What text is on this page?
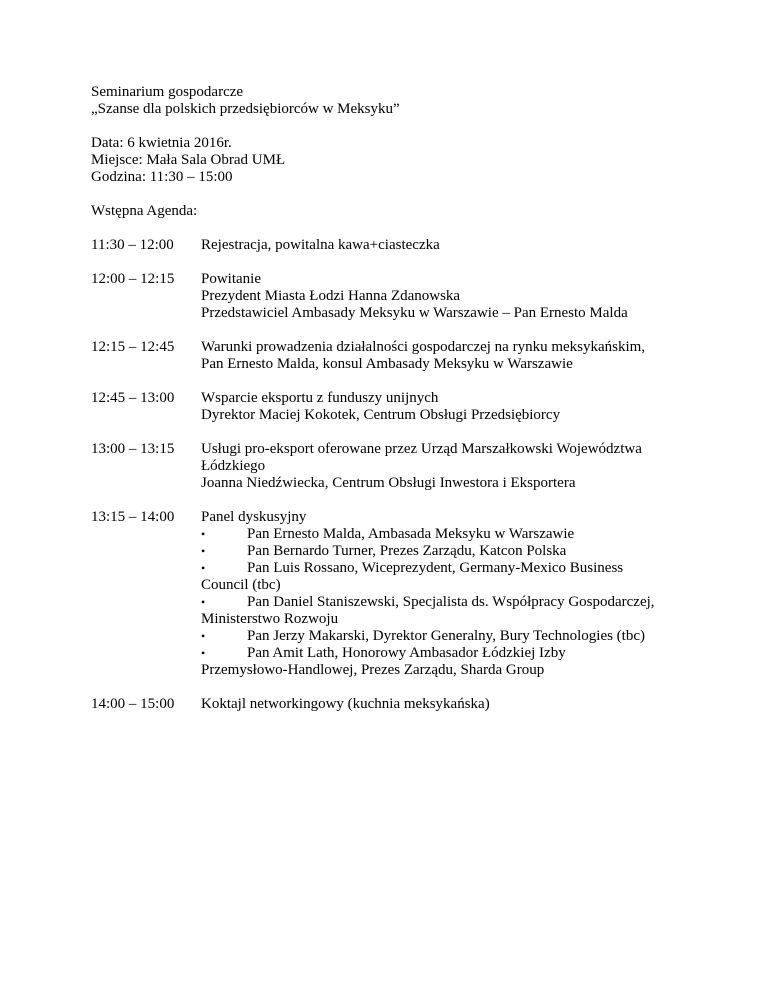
Seminarium gospodarcze
„Szanse dla polskich przedsiębiorców w Meksyku”
Data: 6 kwietnia 2016r.
Miejsce: Mała Sala Obrad UMŁ
Godzina: 11:30 – 15:00
Wstępna Agenda:
11:30 – 12:00 Rejestracja, powitalna kawa+ciasteczka
12:00 – 12:15 Powitanie
Prezydent Miasta Łodzi Hanna Zdanowska
Przedstawiciel Ambasady Meksyku w Warszawie – Pan Ernesto Malda
12:15 – 12:45 Warunki prowadzenia działalności gospodarczej na rynku meksykańskim,
Pan Ernesto Malda, konsul Ambasady Meksyku w Warszawie
12:45 – 13:00 Wsparcie eksportu z funduszy unijnych
Dyrektor Maciej Kokotek, Centrum Obsługi Przedsiębiorcy
13:00 – 13:15 Usługi pro-eksport oferowane przez Urząd Marszałkowski Województwa
Łódzkiego
Joanna Niedźwiecka, Centrum Obsługi Inwestora i Eksportera
13:15 – 14:00 Panel dyskusyjny
•	Pan Ernesto Malda, Ambasada Meksyku w Warszawie
•	Pan Bernardo Turner, Prezes Zarządu, Katcon Polska
•	Pan Luis Rossano, Wiceprezydent, Germany-Mexico Business
Council (tbc)
•	Pan Daniel Staniszewski, Specjalista ds. Współpracy Gospodarczej,
Ministerstwo Rozwoju
•	Pan Jerzy Makarski, Dyrektor Generalny, Bury Technologies (tbc)
•	Pan Amit Lath, Honorowy Ambasador Łódzkiej Izby
Przemysłowo-Handlowej, Prezes Zarządu, Sharda Group
14:00 – 15:00 Koktajl networkingowy (kuchnia meksykańska)
